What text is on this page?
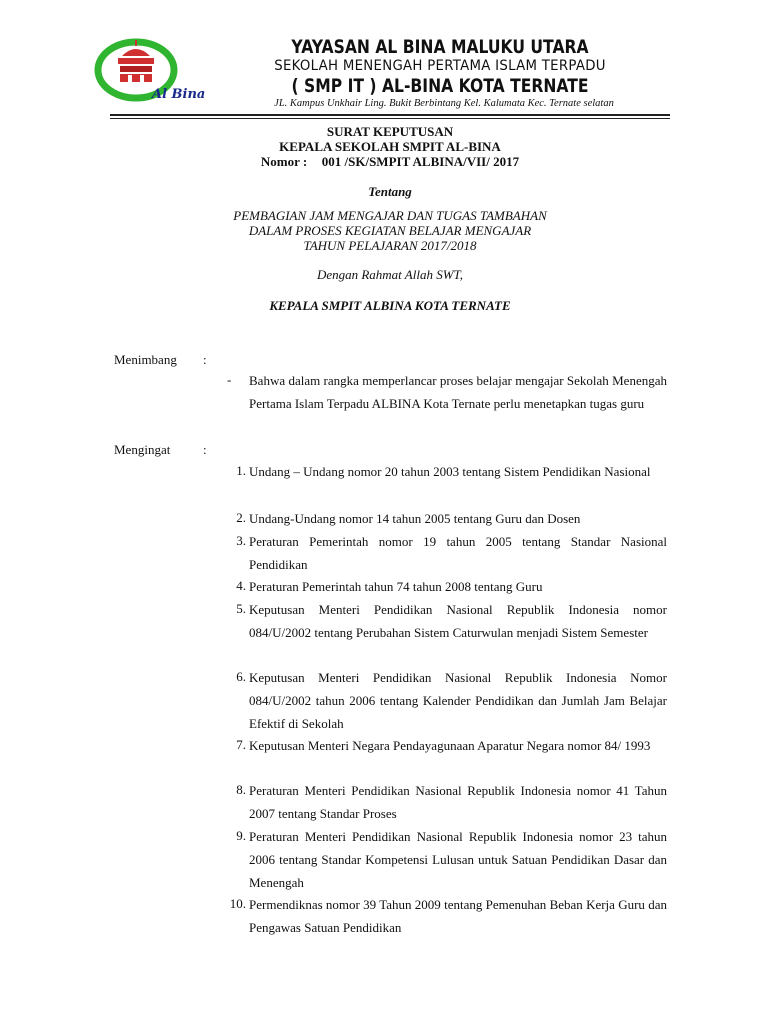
Al Bina
YAYASAN AL BINA MALUKU UTARA
SEKOLAH MENENGAH PERTAMA ISLAM TERPADU
( SMP IT ) AL-BINA KOTA TERNATE
JL. Kampus Unkhair Ling. Bukit Berbintang Kel. Kalumata Kec. Ternate selatan
SURAT KEPUTUSAN
KEPALA SEKOLAH SMPIT AL-BINA
Nomor : 001 /SK/SMPIT ALBINA/VII/ 2017
Tentang
PEMBAGIAN JAM MENGAJAR DAN TUGAS TAMBAHAN
DALAM PROSES KEGIATAN BELAJAR MENGAJAR
TAHUN PELAJARAN 2017/2018
Dengan Rahmat Allah SWT,
KEPALA SMPIT ALBINA KOTA TERNATE
Menimbang :
- Bahwa dalam rangka memperlancar proses belajar mengajar Sekolah Menengah Pertama Islam Terpadu ALBINA Kota Ternate perlu menetapkan tugas guru
Mengingat	:
1. Undang – Undang nomor 20 tahun 2003 tentang Sistem Pendidikan Nasional
2. Undang-Undang nomor 14 tahun 2005 tentang Guru dan Dosen
3. Peraturan Pemerintah nomor 19 tahun 2005 tentang Standar Nasional Pendidikan
4. Peraturan Pemerintah tahun 74 tahun 2008 tentang Guru
5. Keputusan Menteri Pendidikan Nasional Republik Indonesia nomor 084/U/2002 tentang Perubahan Sistem Caturwulan menjadi Sistem Semester
6. Keputusan Menteri Pendidikan Nasional Republik Indonesia Nomor 084/U/2002 tahun 2006 tentang Kalender Pendidikan dan Jumlah Jam Belajar Efektif di Sekolah
7. Keputusan Menteri Negara Pendayagunaan Aparatur Negara nomor 84/ 1993
8. Peraturan Menteri Pendidikan Nasional Republik Indonesia nomor 41 Tahun 2007 tentang Standar Proses
9. Peraturan Menteri Pendidikan Nasional Republik Indonesia nomor 23 tahun 2006 tentang Standar Kompetensi Lulusan untuk Satuan Pendidikan Dasar dan Menengah
10. Permendiknas nomor 39 Tahun 2009 tentang Pemenuhan Beban Kerja Guru dan Pengawas Satuan Pendidikan
